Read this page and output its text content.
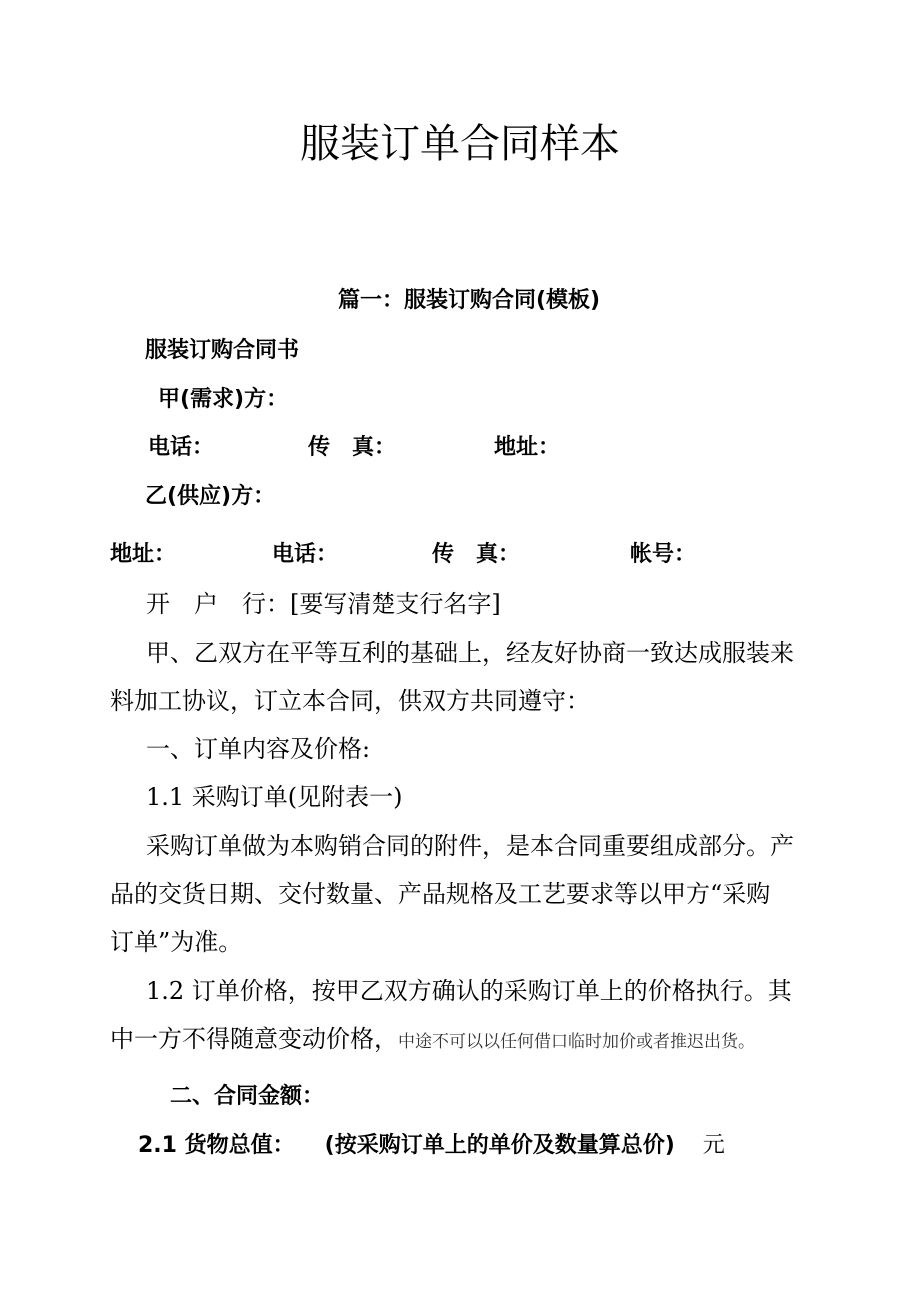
服装订单合同样本
篇一：服装订购合同(模板)
服装订购合同书
甲(需求)方：
电话：	传　真：	地址：
乙(供应)方：
地址：	电话：	传　真：	帐号：
开　户　行：[要写清楚支行名字]
甲、乙双方在平等互利的基础上，经友好协商一致达成服装来
料加工协议，订立本合同，供双方共同遵守：
一、订单内容及价格:
1.1 采购订单(见附表一)
采购订单做为本购销合同的附件，是本合同重要组成部分。产
品的交货日期、交付数量、产品规格及工艺要求等以甲方“采购
订单”为准。
1.2 订单价格，按甲乙双方确认的采购订单上的价格执行。其
中一方不得随意变动价格，中途不可以以任何借口临时加价或者推迟出货。
二、合同金额：
2.1 货物总值： (按采购订单上的单价及数量算总价) 元
